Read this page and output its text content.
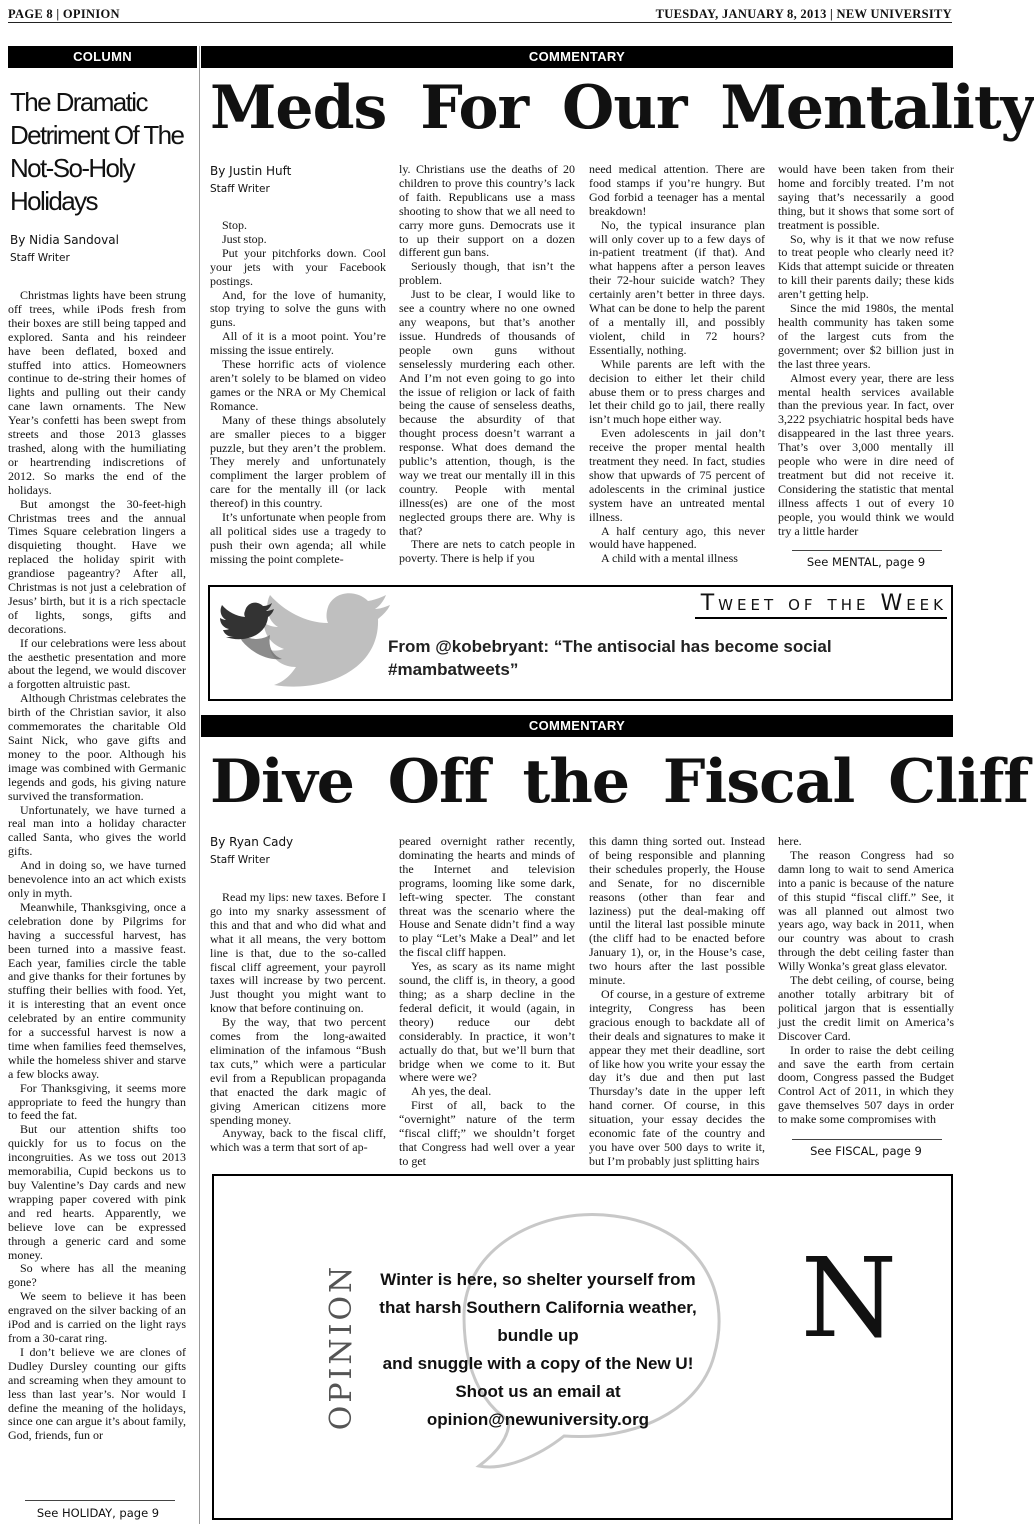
PAGE 8 | OPINION	TUESDAY, JANUARY 8, 2013 | NEW UNIVERSITY
COLUMN
The Dramatic Detriment Of The Not-So-Holy Holidays
By Nidia Sandoval
Staff Writer

Christmas lights have been strung off trees, while iPods fresh from their boxes are still being tapped and explored. Santa and his reindeer have been deflated, boxed and stuffed into attics. Homeowners continue to de-string their homes of lights and pulling out their candy cane lawn ornaments. The New Year’s confetti has been swept from streets and those 2013 glasses trashed, along with the humiliating or heartrending indiscretions of 2012. So marks the end of the holidays.

But amongst the 30-feet-high Christmas trees and the annual Times Square celebration lingers a disquieting thought. Have we replaced the holiday spirit with grandiose pageantry? After all, Christmas is not just a celebration of Jesus’ birth, but it is a rich spectacle of lights, songs, gifts and decorations.

If our celebrations were less about the aesthetic presentation and more about the legend, we would discover a forgotten altruistic past.

Although Christmas celebrates the birth of the Christian savior, it also commemorates the charitable Old Saint Nick, who gave gifts and money to the poor. Although his image was combined with Germanic legends and gods, his giving nature survived the transformation.

Unfortunately, we have turned a real man into a holiday character called Santa, who gives the world gifts.

And in doing so, we have turned benevolence into an act which exists only in myth.

Meanwhile, Thanksgiving, once a celebration done by Pilgrims for having a successful harvest, has been turned into a massive feast. Each year, families circle the table and give thanks for their fortunes by stuffing their bellies with food. Yet, it is interesting that an event once celebrated by an entire community for a successful harvest is now a time when families feed themselves, while the homeless shiver and starve a few blocks away.

For Thanksgiving, it seems more appropriate to feed the hungry than to feed the fat.

But our attention shifts too quickly for us to focus on the incongruities. As we toss out 2013 memorabilia, Cupid beckons us to buy Valentine’s Day cards and new wrapping paper covered with pink and red hearts. Apparently, we believe love can be expressed through a generic card and some money.

So where has all the meaning gone?

We seem to believe it has been engraved on the silver backing of an iPod and is carried on the light rays from a 30-carat ring.

I don’t believe we are clones of Dudley Dursley counting our gifts and screaming when they amount to less than last year’s. Nor would I define the meaning of the holidays, since one can argue it’s about family, God, friends, fun or

See HOLIDAY, page 9
COMMENTARY
Meds For Our Mentality
By Justin Huft
Staff Writer

Stop.

Just stop.

Put your pitchforks down. Cool your jets with your Facebook postings.

And, for the love of humanity, stop trying to solve the guns with guns.

All of it is a moot point. You’re missing the issue entirely.

These horrific acts of violence aren’t solely to be blamed on video games or the NRA or My Chemical Romance.

Many of these things absolutely are smaller pieces to a bigger puzzle, but they aren’t the problem. They merely and unfortunately compliment the larger problem of care for the mentally ill (or lack thereof) in this country.

It’s unfortunate when people from all political sides use a tragedy to push their own agenda; all while missing the point complete-

ly. Christians use the deaths of 20 children to prove this country’s lack of faith. Republicans use a mass shooting to show that we all need to carry more guns. Democrats use it to up their support on a dozen different gun bans.

Seriously though, that isn’t the problem.

Just to be clear, I would like to see a country where no one owned any weapons, but that’s another issue. Hundreds of thousands of people own guns without senselessly murdering each other. And I’m not even going to go into the issue of religion or lack of faith being the cause of senseless deaths, because the absurdity of that thought process doesn’t warrant a response. What does demand the public’s attention, though, is the way we treat our mentally ill in this country. People with mental illness(es) are one of the most neglected groups there are. Why is that?

There are nets to catch people in poverty. There is help if you

need medical attention. There are food stamps if you’re hungry. But God forbid a teenager has a mental breakdown!

No, the typical insurance plan will only cover up to a few days of in-patient treatment (if that). And what happens after a person leaves their 72-hour suicide watch? They certainly aren’t better in three days. What can be done to help the parent of a mentally ill, and possibly violent, child in 72 hours? Essentially, nothing.

While parents are left with the decision to either let their child abuse them or to press charges and let their child go to jail, there really isn’t much hope either way.

Even adolescents in jail don’t receive the proper mental health treatment they need. In fact, studies show that upwards of 75 percent of adolescents in the criminal justice system have an untreated mental illness.

A half century ago, this never would have happened.

A child with a mental illness

would have been taken from their home and forcibly treated. I’m not saying that’s necessarily a good thing, but it shows that some sort of treatment is possible.

So, why is it that we now refuse to treat people who clearly need it? Kids that attempt suicide or threaten to kill their parents daily; these kids aren’t getting help.

Since the mid 1980s, the mental health community has taken some of the largest cuts from the government; over $2 billion just in the last three years.

Almost every year, there are less mental health services available than the previous year. In fact, over 3,222 psychiatric hospital beds have disappeared in the last three years. That’s over 3,000 mentally ill people who were in dire need of treatment but did not receive it. Considering the statistic that mental illness affects 1 out of every 10 people, you would think we would try a little harder

See MENTAL, page 9
Tweet of the Week
From @kobebryant: “The antisocial has become social #mambatweets”
COMMENTARY
Dive Off the Fiscal Cliff
By Ryan Cady
Staff Writer

Read my lips: new taxes. Before I go into my snarky assessment of this and that and who did what and what it all means, the very bottom line is that, due to the so-called fiscal cliff agreement, your payroll taxes will increase by two percent. Just thought you might want to know that before continuing on.

By the way, that two percent comes from the long-awaited elimination of the infamous “Bush tax cuts,” which were a particular evil from a Republican propaganda that enacted the dark magic of giving American citizens more spending money.

Anyway, back to the fiscal cliff, which was a term that sort of ap-

peared overnight rather recently, dominating the hearts and minds of the Internet and television programs, looming like some dark, left-wing specter. The constant threat was the scenario where the House and Senate didn’t find a way to play “Let’s Make a Deal” and let the fiscal cliff happen.

Yes, as scary as its name might sound, the cliff is, in theory, a good thing; as a sharp decline in the federal deficit, it would (again, in theory) reduce our debt considerably. In practice, it won’t actually do that, but we’ll burn that bridge when we come to it. But where were we?

Ah yes, the deal.

First of all, back to the “overnight” nature of the term “fiscal cliff;” we shouldn’t forget that Congress had well over a year to get

this damn thing sorted out. Instead of being responsible and planning their schedules properly, the House and Senate, for no discernible reasons (other than fear and laziness) put the deal-making off until the literal last possible minute (the cliff had to be enacted before January 1), or, in the House’s case, two hours after the last possible minute.

Of course, in a gesture of extreme integrity, Congress has been gracious enough to backdate all of their deals and signatures to make it appear they met their deadline, sort of like how you write your essay the day it’s due and then put last Thursday’s date in the upper left hand corner. Of course, in this situation, your essay decides the economic fate of the country and you have over 500 days to write it, but I’m probably just splitting hairs

here.

The reason Congress had so damn long to wait to send America into a panic is because of the nature of this stupid “fiscal cliff.” See, it was all planned out almost two years ago, way back in 2011, when our country was about to crash through the debt ceiling faster than Willy Wonka’s great glass elevator.

The debt ceiling, of course, being another totally arbitrary bit of political jargon that is essentially just the credit limit on America’s Discover Card.

In order to raise the debt ceiling and save the earth from certain doom, Congress passed the Budget Control Act of 2011, in which they gave themselves 507 days in order to make some compromises with

See FISCAL, page 9
OPINION	Winter is here, so shelter yourself from
that harsh Southern California weather,
bundle up
and snuggle with a copy of the New U!
Shoot us an email at
opinion@newuniversity.org
N
